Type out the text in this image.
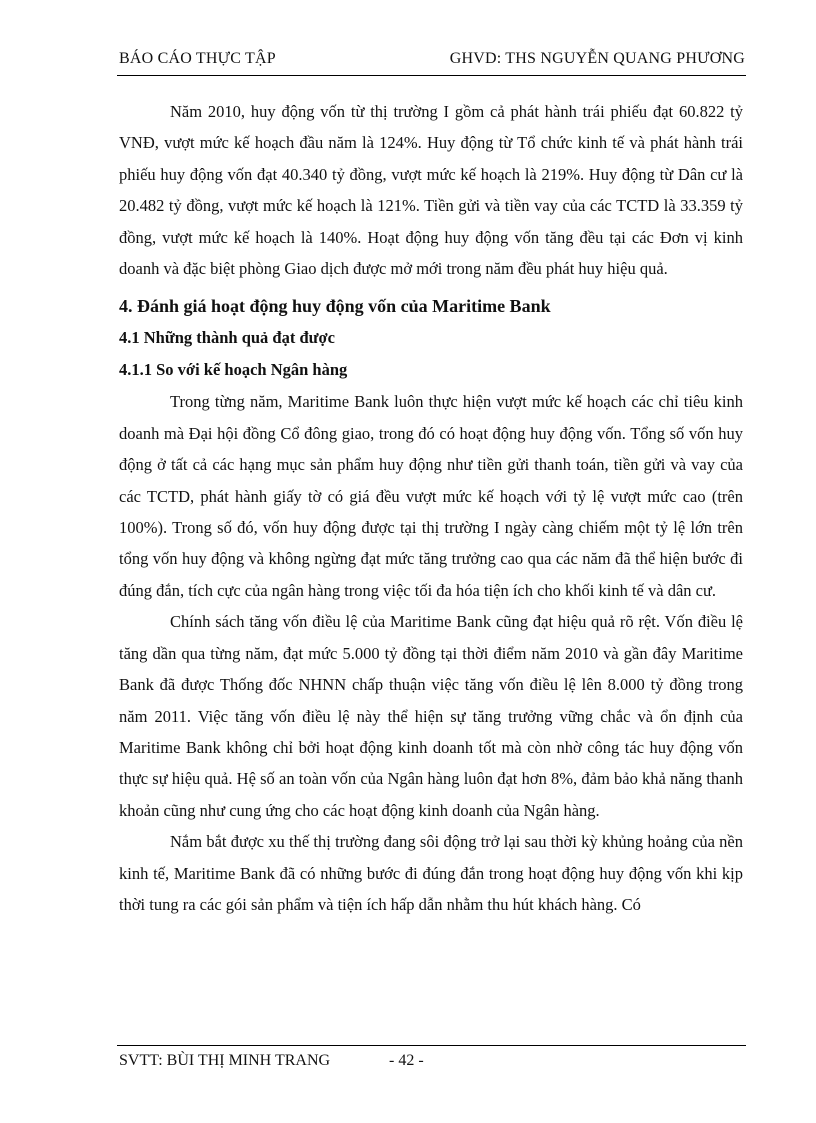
BÁO CÁO THỰC TẬP	GHVD: THS NGUYỄN QUANG PHƯƠNG

Năm 2010, huy động vốn từ thị trường I gồm cả phát hành trái phiếu đạt 60.822 tỷ VNĐ, vượt mức kế hoạch đầu năm là 124%. Huy động từ Tổ chức kinh tế và phát hành trái phiếu huy động vốn đạt 40.340 tỷ đồng, vượt mức kế hoạch là 219%. Huy động từ Dân cư là 20.482 tỷ đồng, vượt mức kế hoạch là 121%. Tiền gửi và tiền vay của các TCTD là 33.359 tỷ đồng, vượt mức kế hoạch là 140%. Hoạt động huy động vốn tăng đều tại các Đơn vị kinh doanh và đặc biệt phòng Giao dịch được mở mới trong năm đều phát huy hiệu quả.

4. Đánh giá hoạt động huy động vốn của Maritime Bank
4.1 Những thành quả đạt được
4.1.1 So với kế hoạch Ngân hàng

Trong từng năm, Maritime Bank luôn thực hiện vượt mức kế hoạch các chỉ tiêu kinh doanh mà Đại hội đồng Cổ đông giao, trong đó có hoạt động huy động vốn. Tổng số vốn huy động ở tất cả các hạng mục sản phẩm huy động như tiền gửi thanh toán, tiền gửi và vay của các TCTD, phát hành giấy tờ có giá đều vượt mức kế hoạch với tỷ lệ vượt mức cao (trên 100%). Trong số đó, vốn huy động được tại thị trường I ngày càng chiếm một tỷ lệ lớn trên tổng vốn huy động và không ngừng đạt mức tăng trưởng cao qua các năm đã thể hiện bước đi đúng đắn, tích cực của ngân hàng trong việc tối đa hóa tiện ích cho khối kinh tế và dân cư.

Chính sách tăng vốn điều lệ của Maritime Bank cũng đạt hiệu quả rõ rệt. Vốn điều lệ tăng dần qua từng năm, đạt mức 5.000 tỷ đồng tại thời điểm năm 2010 và gần đây Maritime Bank đã được Thống đốc NHNN chấp thuận việc tăng vốn điều lệ lên 8.000 tỷ đồng trong năm 2011. Việc tăng vốn điều lệ này thể hiện sự tăng trưởng vững chắc và ổn định của Maritime Bank không chỉ bởi hoạt động kinh doanh tốt mà còn nhờ công tác huy động vốn thực sự hiệu quả. Hệ số an toàn vốn của Ngân hàng luôn đạt hơn 8%, đảm bảo khả năng thanh khoản cũng như cung ứng cho các hoạt động kinh doanh của Ngân hàng.

Nắm bắt được xu thế thị trường đang sôi động trở lại sau thời kỳ khủng hoảng của nền kinh tế, Maritime Bank đã có những bước đi đúng đắn trong hoạt động huy động vốn khi kịp thời tung ra các gói sản phẩm và tiện ích hấp dẫn nhằm thu hút khách hàng. Có

SVTT: BÙI THỊ MINH TRANG	- 42 -
